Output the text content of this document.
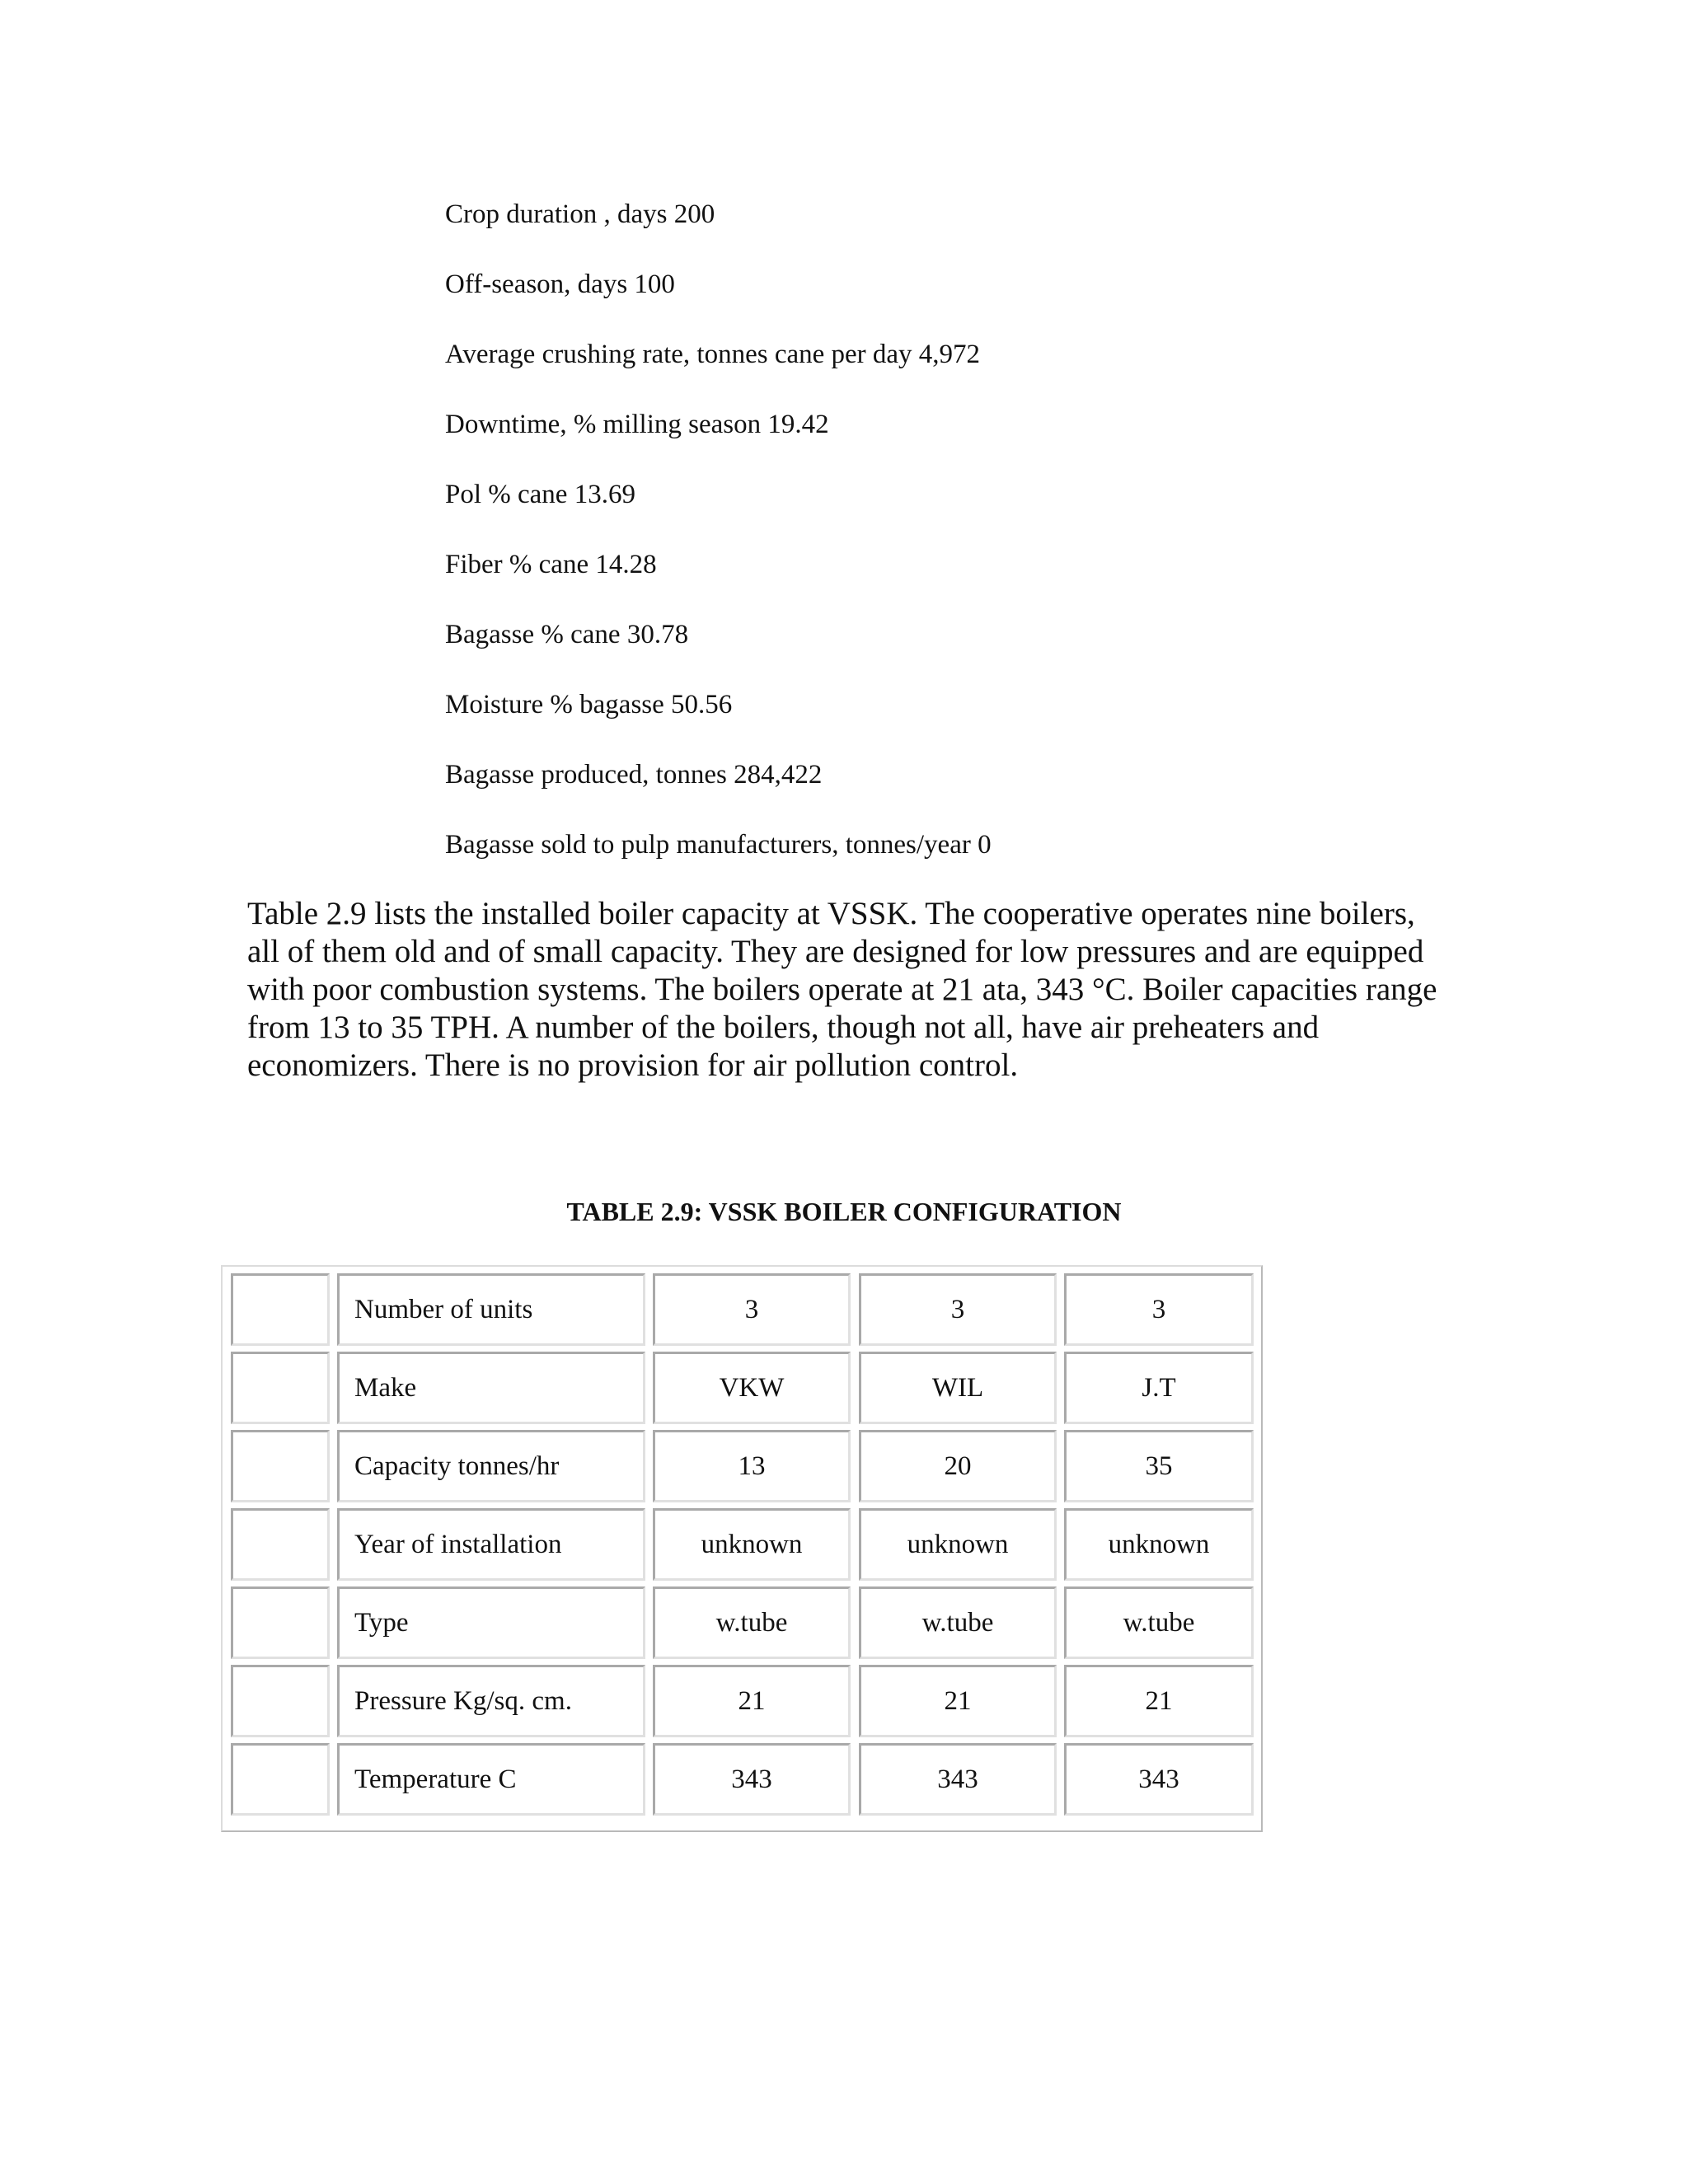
Crop duration , days 200
Off-season, days 100
Average crushing rate, tonnes cane per day 4,972
Downtime, % milling season 19.42
Pol % cane 13.69
Fiber % cane 14.28
Bagasse % cane 30.78
Moisture % bagasse 50.56
Bagasse produced, tonnes 284,422
Bagasse sold to pulp manufacturers, tonnes/year 0

Table 2.9 lists the installed boiler capacity at VSSK. The cooperative operates nine boilers, all of them old and of small capacity. They are designed for low pressures and are equipped with poor combustion systems. The boilers operate at 21 ata, 343 °C. Boiler capacities range from 13 to 35 TPH. A number of the boilers, though not all, have air preheaters and economizers. There is no provision for air pollution control.

TABLE 2.9: VSSK BOILER CONFIGURATION
Number of units	3	3	3
Make	VKW	WIL	J.T
Capacity tonnes/hr	13	20	35
Year of installation	unknown	unknown	unknown
Type	w.tube	w.tube	w.tube
Pressure Kg/sq. cm.	21	21	21
Temperature C	343	343	343
